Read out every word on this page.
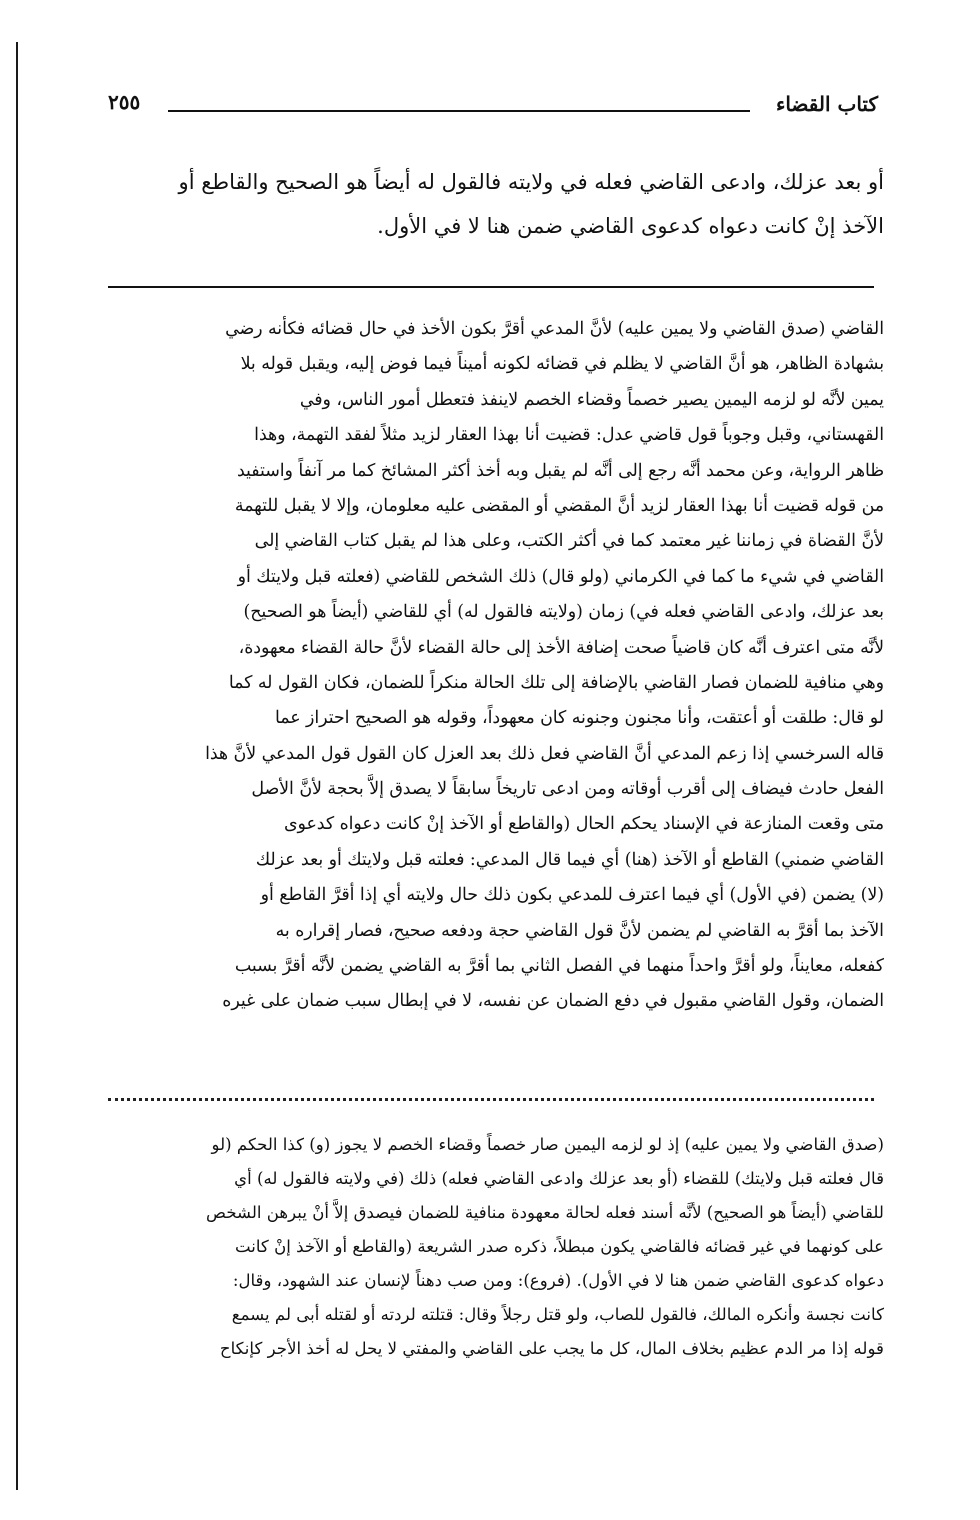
كتاب القضاء
٢٥٥
أو بعد عزلك، وادعى القاضي فعله في ولايته فالقول له أيضاً هو الصحيح والقاطع أو
الآخذ إنْ كانت دعواه كدعوى القاضي ضمن هنا لا في الأول.
القاضي (صدق القاضي ولا يمين عليه) لأنَّ المدعي أقرَّ بكون الأخذ في حال قضائه فكأنه رضي
بشهادة الظاهر، هو أنَّ القاضي لا يظلم في قضائه لكونه أميناً فيما فوض إليه، ويقبل قوله بلا
يمين لأنَّه لو لزمه اليمين يصير خصماً وقضاء الخصم لاينفذ فتعطل أمور الناس، وفي
القهستاني، وقبل وجوباً قول قاضي عدل: قضيت أنا بهذا العقار لزيد مثلاً لفقد التهمة، وهذا
ظاهر الرواية، وعن محمد أنَّه رجع إلى أنَّه لم يقبل وبه أخذ أكثر المشائخ كما مر آنفاً واستفيد
من قوله قضيت أنا بهذا العقار لزيد أنَّ المقضي أو المقضى عليه معلومان، وإلا لا يقبل للتهمة
لأنَّ القضاة في زماننا غير معتمد كما في أكثر الكتب، وعلى هذا لم يقبل كتاب القاضي إلى
القاضي في شيء ما كما في الكرماني (ولو قال) ذلك الشخص للقاضي (فعلته قبل ولايتك أو
بعد عزلك، وادعى القاضي فعله في) زمان (ولايته فالقول له) أي للقاضي (أيضاً هو الصحيح)
لأنَّه متى اعترف أنَّه كان قاضياً صحت إضافة الأخذ إلى حالة القضاء لأنَّ حالة القضاء معهودة،
وهي منافية للضمان فصار القاضي بالإضافة إلى تلك الحالة منكراً للضمان، فكان القول له كما
لو قال: طلقت أو أعتقت، وأنا مجنون وجنونه كان معهوداً، وقوله هو الصحيح احتراز عما
قاله السرخسي إذا زعم المدعي أنَّ القاضي فعل ذلك بعد العزل كان القول قول المدعي لأنَّ هذا
الفعل حادث فيضاف إلى أقرب أوقاته ومن ادعى تاريخاً سابقاً لا يصدق إلاَّ بحجة لأنَّ الأصل
متى وقعت المنازعة في الإسناد يحكم الحال (والقاطع أو الآخذ إنْ كانت دعواه كدعوى
القاضي ضمني) القاطع أو الآخذ (هنا) أي فيما قال المدعي: فعلته قبل ولايتك أو بعد عزلك
(لا) يضمن (في الأول) أي فيما اعترف للمدعي بكون ذلك حال ولايته أي إذا أقرَّ القاطع أو
الآخذ بما أقرَّ به القاضي لم يضمن لأنَّ قول القاضي حجة ودفعه صحيح، فصار إقراره به
كفعله، معايناً، ولو أقرَّ واحداً منهما في الفصل الثاني بما أقرَّ به القاضي يضمن لأنَّه أقرَّ بسبب
الضمان، وقول القاضي مقبول في دفع الضمان عن نفسه، لا في إبطال سبب ضمان على غيره
(صدق القاضي ولا يمين عليه) إذ لو لزمه اليمين صار خصماً وقضاء الخصم لا يجوز (و) كذا الحكم (لو
قال فعلته قبل ولايتك) للقضاء (أو بعد عزلك وادعى القاضي فعله) ذلك (في ولايته فالقول له) أي
للقاضي (أيضاً هو الصحيح) لأنَّه أسند فعله لحالة معهودة منافية للضمان فيصدق إلاَّ أنْ يبرهن الشخص
على كونهما في غير قضائه فالقاضي يكون مبطلاً، ذكره صدر الشريعة (والقاطع أو الآخذ إنْ كانت
دعواه كدعوى القاضي ضمن هنا لا في الأول). (فروع): ومن صب دهناً لإنسان عند الشهود، وقال:
كانت نجسة وأنكره المالك، فالقول للصاب، ولو قتل رجلاً وقال: قتلته لردته أو لقتله أبى لم يسمع
قوله إذا مر الدم عظيم بخلاف المال، كل ما يجب على القاضي والمفتي لا يحل له أخذ الأجر كإنكاح
